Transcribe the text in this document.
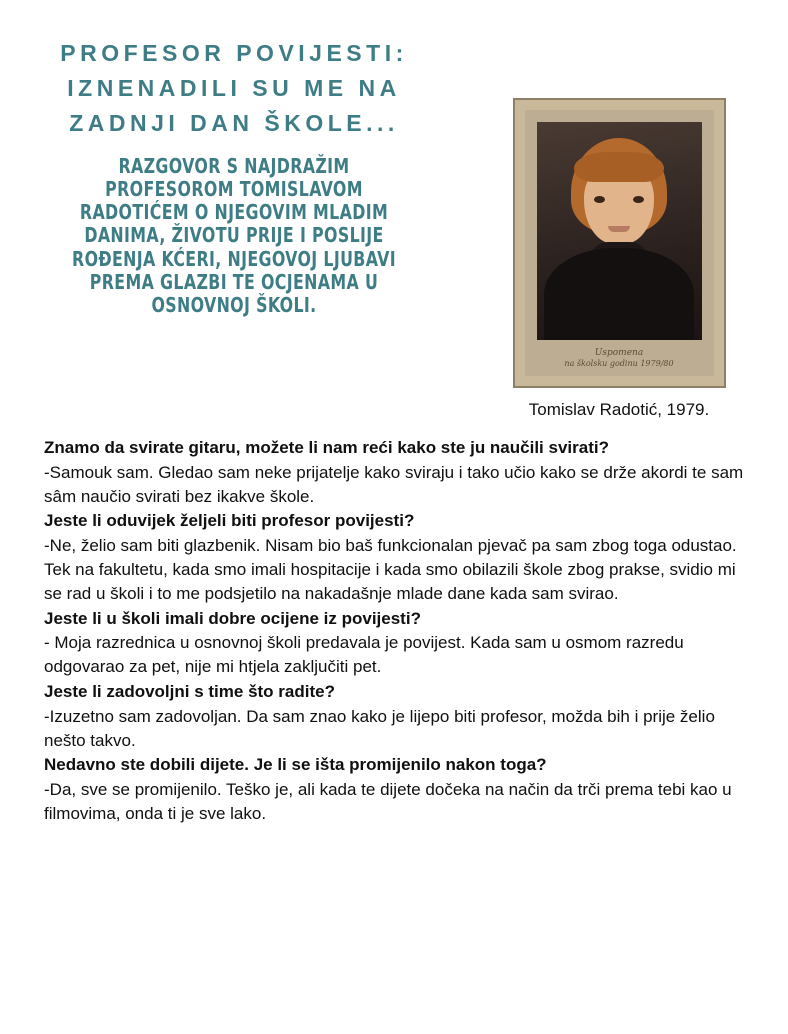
PROFESOR POVIJESTI: IZNENADILI SU ME NA ZADNJI DAN ŠKOLE...
RAZGOVOR S NAJDRAŽIM PROFESOROM TOMISLAVOM RADOTIĆEM O NJEGOVIM MLADIM DANIMA, ŽIVOTU PRIJE I POSLIJE ROĐENJA KĆERI, NJEGOVOJ LJUBAVI PREMA GLAZBI TE OCJENAMA U OSNOVNOJ ŠKOLI.
Uspomena
na školsku godinu 1979/80
Tomislav Radotić, 1979.

Znamo da svirate gitaru, možete li nam reći kako ste ju naučili svirati?

-Samouk sam. Gledao sam neke prijatelje kako sviraju i tako učio kako se drže akordi te sam sâm naučio svirati bez ikakve škole.

Jeste li oduvijek željeli biti profesor povijesti?

-Ne, želio sam biti glazbenik. Nisam bio baš funkcionalan pjevač pa sam zbog toga odustao. Tek na fakultetu, kada smo imali hospitacije i kada smo obilazili škole zbog prakse, svidio mi se rad u školi i to me podsjetilo na nakadašnje mlade dane kada sam svirao.

Jeste li u školi imali dobre ocijene iz povijesti?

- Moja razrednica u osnovnoj školi predavala je povijest. Kada sam u osmom razredu odgovarao za pet, nije mi htjela zaključiti pet.

Jeste li zadovoljni s time što radite?

-Izuzetno sam zadovoljan. Da sam znao kako je lijepo biti profesor, možda bih i prije želio nešto takvo.

Nedavno ste dobili dijete. Je li se išta promijenilo nakon toga?

-Da, sve se promijenilo. Teško je, ali kada te dijete dočeka na način da trči prema tebi kao u filmovima, onda ti je sve lako.
